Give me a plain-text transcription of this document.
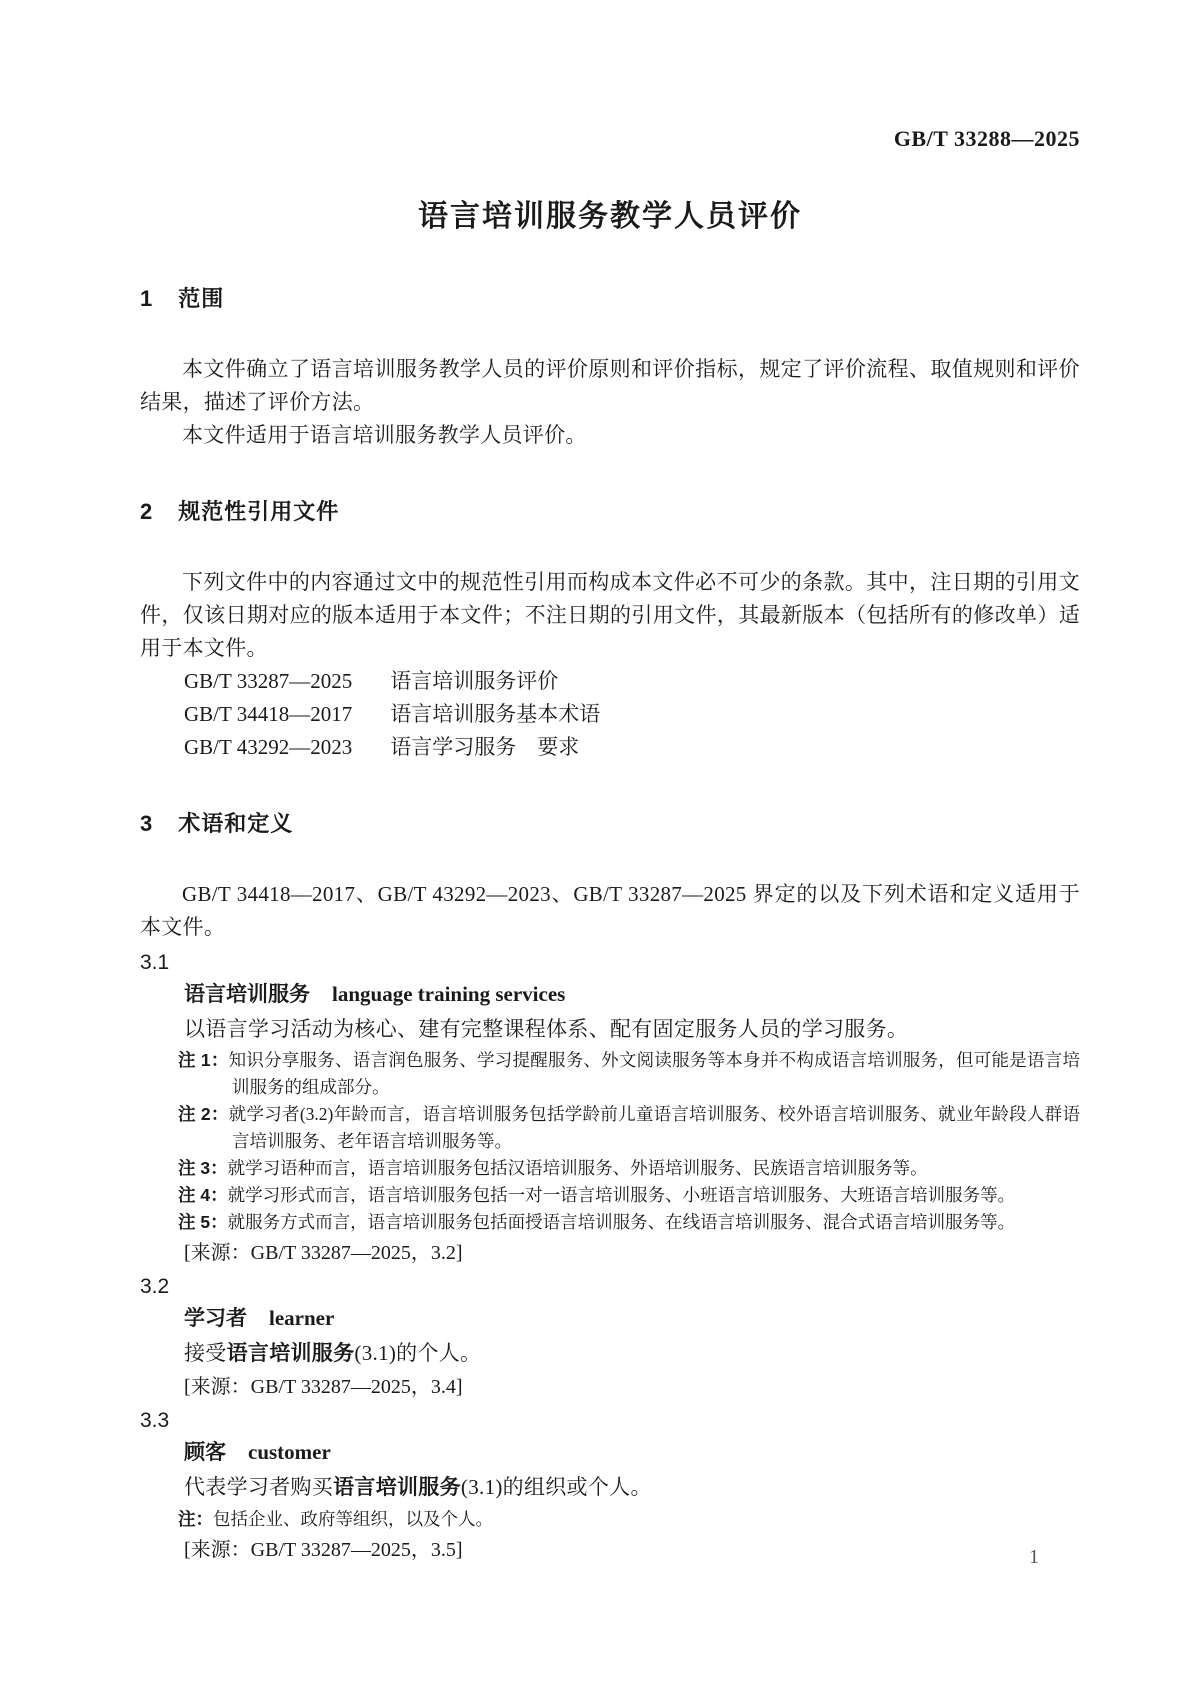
GB/T 33288—2025
语言培训服务教学人员评价
1 范围

本文件确立了语言培训服务教学人员的评价原则和评价指标，规定了评价流程、取值规则和评价结果，描述了评价方法。

本文件适用于语言培训服务教学人员评价。

2 规范性引用文件

下列文件中的内容通过文中的规范性引用而构成本文件必不可少的条款。其中，注日期的引用文件，仅该日期对应的版本适用于本文件；不注日期的引用文件，其最新版本（包括所有的修改单）适用于本文件。

GB/T 33287—2025 语言培训服务评价
GB/T 34418—2017 语言培训服务基本术语
GB/T 43292—2023 语言学习服务　要求
3 术语和定义

GB/T 34418—2017、GB/T 43292—2023、GB/T 33287—2025 界定的以及下列术语和定义适用于本文件。

3.1
语言培训服务 language training services

以语言学习活动为核心、建有完整课程体系、配有固定服务人员的学习服务。

注 1：知识分享服务、语言润色服务、学习提醒服务、外文阅读服务等本身并不构成语言培训服务，但可能是语言培训服务的组成部分。
注 2：就学习者(3.2)年龄而言，语言培训服务包括学龄前儿童语言培训服务、校外语言培训服务、就业年龄段人群语言培训服务、老年语言培训服务等。
注 3：就学习语种而言，语言培训服务包括汉语培训服务、外语培训服务、民族语言培训服务等。
注 4：就学习形式而言，语言培训服务包括一对一语言培训服务、小班语言培训服务、大班语言培训服务等。
注 5：就服务方式而言，语言培训服务包括面授语言培训服务、在线语言培训服务、混合式语言培训服务等。
[来源：GB/T 33287—2025，3.2]
3.2
学习者 learner

接受语言培训服务(3.1)的个人。

[来源：GB/T 33287—2025，3.4]
3.3
顾客 customer

代表学习者购买语言培训服务(3.1)的组织或个人。

注：包括企业、政府等组织，以及个人。
[来源：GB/T 33287—2025，3.5]	1
